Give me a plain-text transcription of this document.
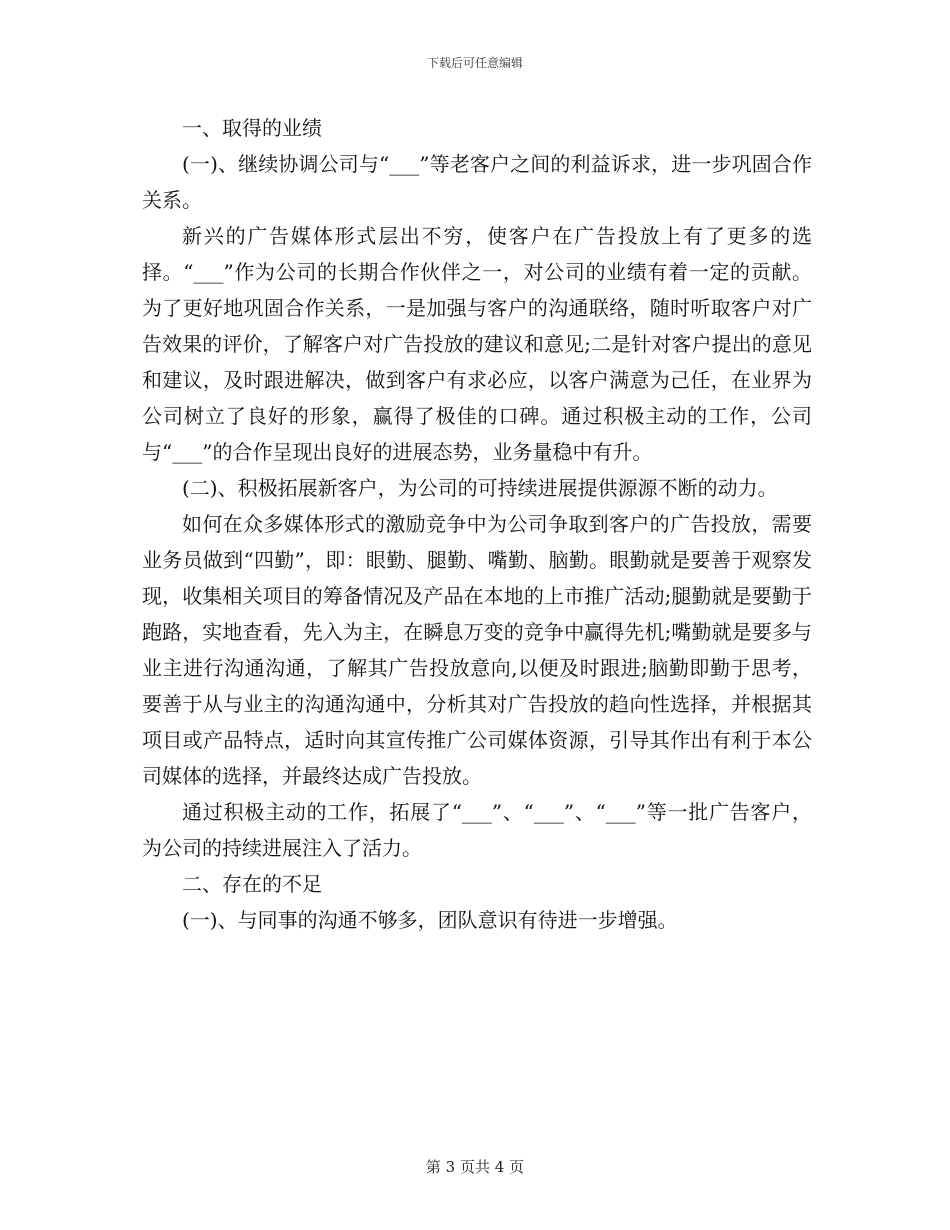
下载后可任意编辑

一、取得的业绩

(一)、继续协调公司与“___”等老客户之间的利益诉求，进一步巩固合作关系。

新兴的广告媒体形式层出不穷，使客户在广告投放上有了更多的选择。“___”作为公司的长期合作伙伴之一，对公司的业绩有着一定的贡献。为了更好地巩固合作关系，一是加强与客户的沟通联络，随时听取客户对广告效果的评价，了解客户对广告投放的建议和意见;二是针对客户提出的意见和建议，及时跟进解决，做到客户有求必应，以客户满意为己任，在业界为公司树立了良好的形象，赢得了极佳的口碑。通过积极主动的工作，公司与“___”的合作呈现出良好的进展态势，业务量稳中有升。

(二)、积极拓展新客户，为公司的可持续进展提供源源不断的动力。

如何在众多媒体形式的激励竞争中为公司争取到客户的广告投放，需要业务员做到“四勤”，即：眼勤、腿勤、嘴勤、脑勤。眼勤就是要善于观察发现，收集相关项目的筹备情况及产品在本地的上市推广活动;腿勤就是要勤于跑路，实地查看，先入为主，在瞬息万变的竞争中赢得先机;嘴勤就是要多与业主进行沟通沟通，了解其广告投放意向,以便及时跟进;脑勤即勤于思考，要善于从与业主的沟通沟通中，分析其对广告投放的趋向性选择，并根据其项目或产品特点，适时向其宣传推广公司媒体资源，引导其作出有利于本公司媒体的选择，并最终达成广告投放。

通过积极主动的工作，拓展了“___”、“___”、“___”等一批广告客户，为公司的持续进展注入了活力。

二、存在的不足

(一)、与同事的沟通不够多，团队意识有待进一步增强。

第 3 页共 4 页
